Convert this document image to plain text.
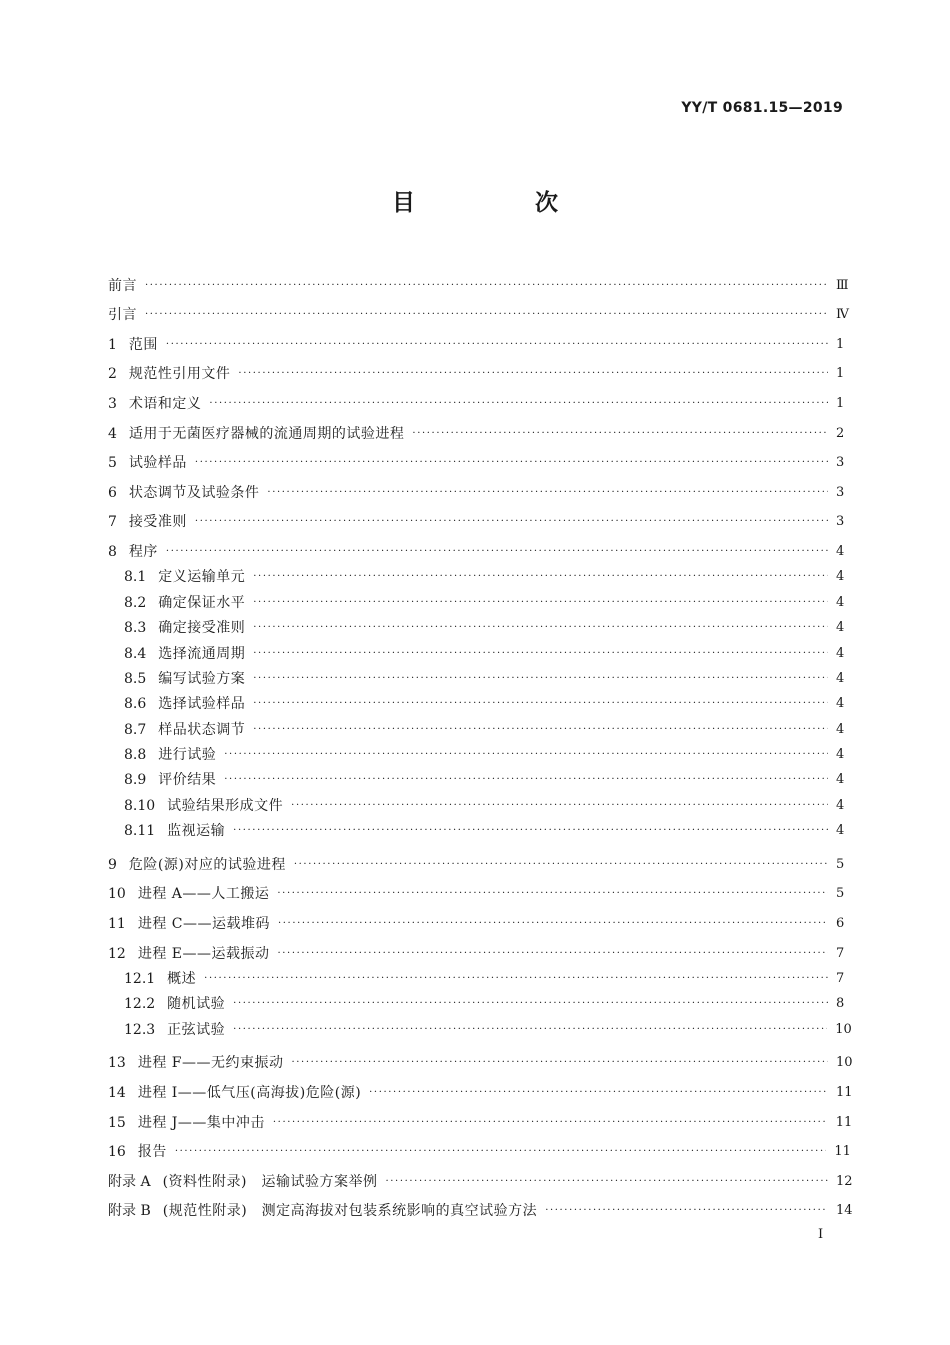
YY/T 0681.15—2019
目 次
前言 ·····	Ⅲ
引言 ·····	Ⅳ
1 范围 ·····	1
2 规范性引用文件 ·····	1
3 术语和定义 ·····	1
4 适用于无菌医疗器械的流通周期的试验进程 ·····	2
5 试验样品 ·····	3
6 状态调节及试验条件 ·····	3
7 接受准则 ·····	3
8 程序 ·····	4
8.1 定义运输单元 ·····	4
8.2 确定保证水平 ·····	4
8.3 确定接受准则 ·····	4
8.4 选择流通周期 ·····	4
8.5 编写试验方案 ·····	4
8.6 选择试验样品 ·····	4
8.7 样品状态调节 ·····	4
8.8 进行试验 ·····	4
8.9 评价结果 ·····	4
8.10 试验结果形成文件 ·····	4
8.11 监视运输 ·····	4
9 危险(源)对应的试验进程 ·····	5
10 进程 A——人工搬运 ·····	5
11 进程 C——运载堆码 ·····	6
12 进程 E——运载振动 ·····	7
12.1 概述 ·····	7
12.2 随机试验 ·····	8
12.3 正弦试验 ·····	10
13 进程 F——无约束振动 ·····	10
14 进程 I——低气压(高海拔)危险(源) ·····	11
15 进程 J——集中冲击 ·····	11
16 报告 ·····	11
附录 A (资料性附录)　运输试验方案举例 ·····	12
附录 B (规范性附录)　测定高海拔对包装系统影响的真空试验方法 ·····	14
I
